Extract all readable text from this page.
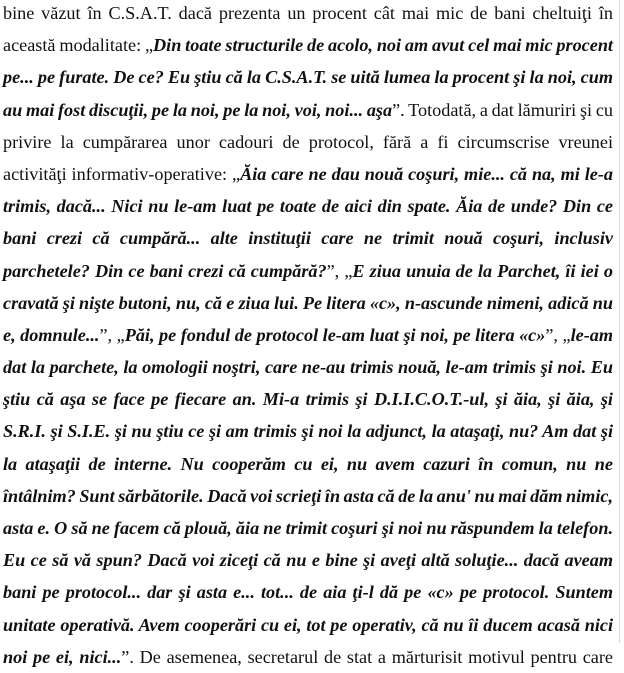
bine văzut în C.S.A.T. dacă prezenta un procent cât mai mic de bani cheltuiţi în
această modalitate: „Din toate structurile de acolo, noi am avut cel mai mic procent
pe... pe furate. De ce? Eu ştiu că la C.S.A.T. se uită lumea la procent şi la noi, cum
au mai fost discuţii, pe la noi, pe la noi, voi, noi... aşa”. Totodată, a dat lămuriri şi cu
privire la cumpărarea unor cadouri de protocol, fără a fi circumscrise vreunei
activităţi informativ-operative: „Ăia care ne dau nouă coşuri, mie... că na, mi le-a
trimis, dacă... Nici nu le-am luat pe toate de aici din spate. Ăia de unde? Din ce
bani crezi că cumpără... alte instituţii care ne trimit nouă coşuri, inclusiv
parchetele? Din ce bani crezi că cumpără?”, „E ziua unuia de la Parchet, îi iei o
cravată şi nişte butoni, nu, că e ziua lui. Pe litera «c», n-ascunde nimeni, adică nu
e, domnule...”, „Păi, pe fondul de protocol le-am luat şi noi, pe litera «c»”, „le-am
dat la parchete, la omologii noştri, care ne-au trimis nouă, le-am trimis şi noi. Eu
ştiu că aşa se face pe fiecare an. Mi-a trimis şi D.I.I.C.O.T.-ul, şi ăia, şi ăia, şi
S.R.I. şi S.I.E. şi nu ştiu ce şi am trimis şi noi la adjunct, la ataşaţi, nu? Am dat şi
la ataşaţii de interne. Nu cooperăm cu ei, nu avem cazuri în comun, nu ne
întâlnim? Sunt sărbătorile. Dacă voi scrieţi în asta că de la anu' nu mai dăm nimic,
asta e. O să ne facem că plouă, ăia ne trimit coşuri şi noi nu răspundem la telefon.
Eu ce să vă spun? Dacă voi ziceţi că nu e bine şi aveţi altă soluţie... dacă aveam
bani pe protocol... dar şi asta e... tot... de aia ţi-l dă pe «c» pe protocol. Suntem
unitate operativă. Avem cooperări cu ei, tot pe operativ, că nu îi ducem acasă nici
noi pe ei, nici...”. De asemenea, secretarul de stat a mărturisit motivul pentru care
